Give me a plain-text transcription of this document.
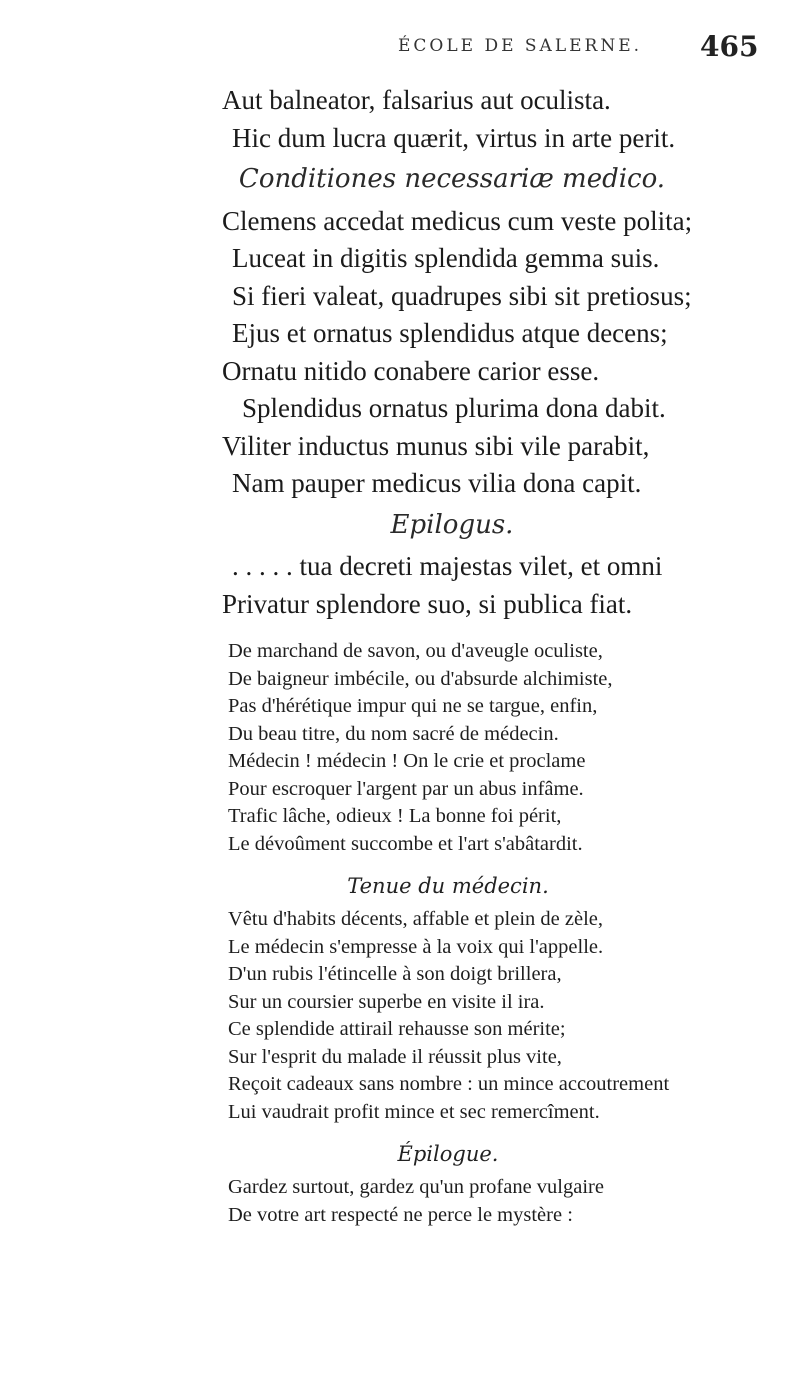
ÉCOLE DE SALERNE. 465
Aut balneator, falsarius aut oculista.
Hic dum lucra quærit, virtus in arte perit.
Conditiones necessariæ medico.
Clemens accedat medicus cum veste polita;
Luceat in digitis splendida gemma suis.
Si fieri valeat, quadrupes sibi sit pretiosus;
Ejus et ornatus splendidus atque decens;
Ornatu nitido conabere carior esse.
Splendidus ornatus plurima dona dabit.
Viliter inductus munus sibi vile parabit,
Nam pauper medicus vilia dona capit.
Epilogus.
. . . . . tua decreti majestas vilet, et omni
Privatur splendore suo, si publica fiat.
De marchand de savon, ou d'aveugle oculiste,
De baigneur imbécile, ou d'absurde alchimiste,
Pas d'hérétique impur qui ne se targue, enfin,
Du beau titre, du nom sacré de médecin.
Médecin ! médecin ! On le crie et proclame
Pour escroquer l'argent par un abus infâme.
Trafic lâche, odieux ! La bonne foi périt,
Le dévoûment succombe et l'art s'abâtardit.
Tenue du médecin.
Vêtu d'habits décents, affable et plein de zèle,
Le médecin s'empresse à la voix qui l'appelle.
D'un rubis l'étincelle à son doigt brillera,
Sur un coursier superbe en visite il ira.
Ce splendide attirail rehausse son mérite;
Sur l'esprit du malade il réussit plus vite,
Reçoit cadeaux sans nombre : un mince accoutrement
Lui vaudrait profit mince et sec remercîment.
Épilogue.
Gardez surtout, gardez qu'un profane vulgaire
De votre art respecté ne perce le mystère :
